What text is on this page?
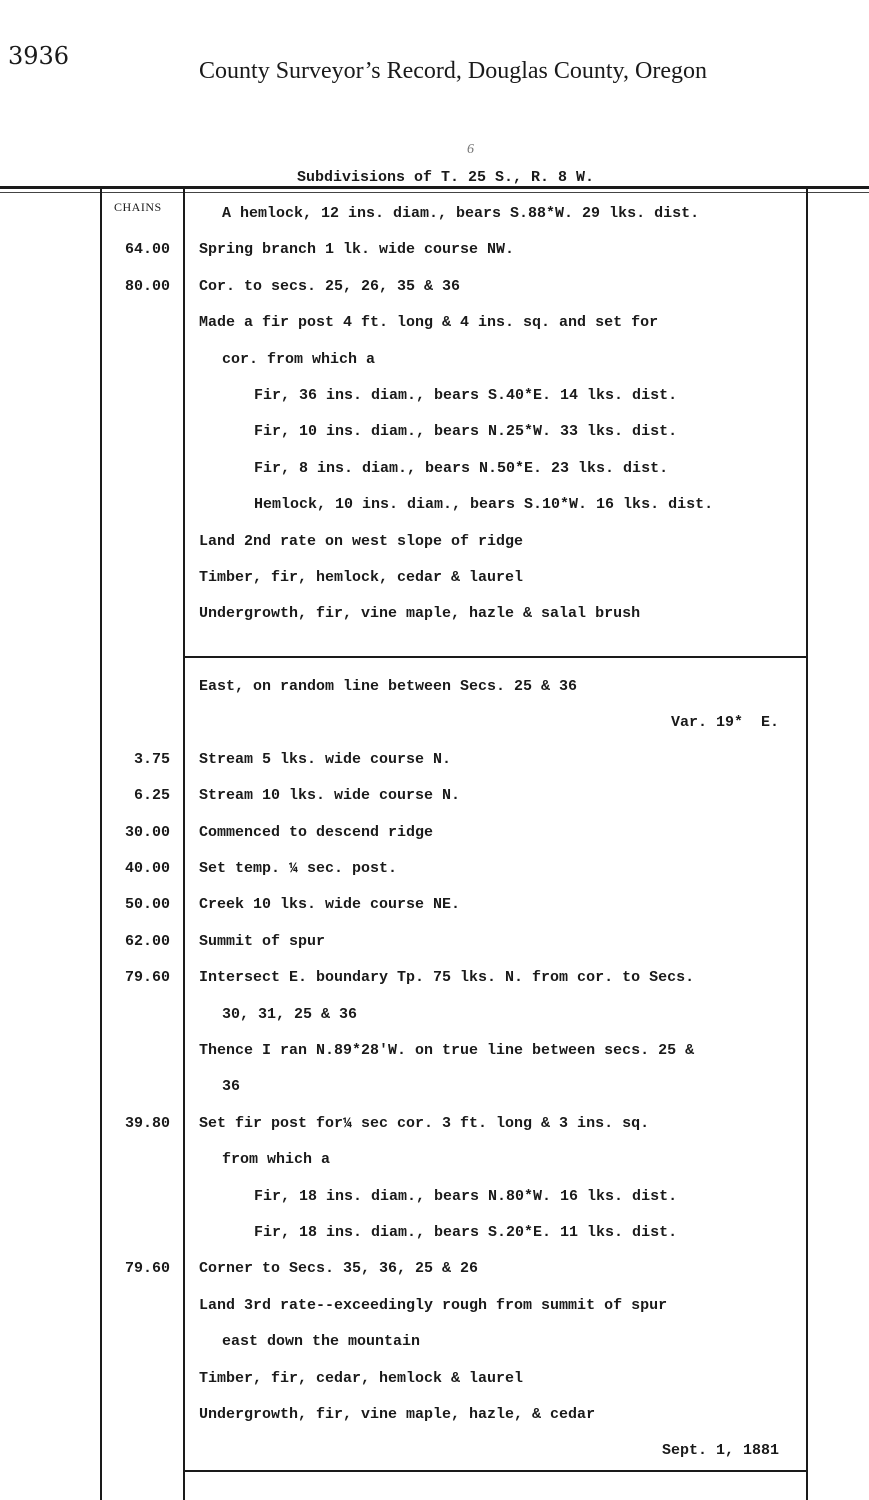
3936
County Surveyor’s Record, Douglas County, Oregon
6
Subdivisions of T. 25 S., R. 8 W.
CHAINS	A hemlock, 12 ins. diam., bears S.88*W. 29 lks. dist.
64.00 Spring branch 1 lk. wide course NW.
80.00 Cor. to secs. 25, 26, 35 & 36
Made a fir post 4 ft. long & 4 ins. sq. and set for
cor. from which a
Fir, 36 ins. diam., bears S.40*E. 14 lks. dist.
Fir, 10 ins. diam., bears N.25*W. 33 lks. dist.
Fir, 8 ins. diam., bears N.50*E. 23 lks. dist.
Hemlock, 10 ins. diam., bears S.10*W. 16 lks. dist.
Land 2nd rate on west slope of ridge
Timber, fir, hemlock, cedar & laurel
Undergrowth, fir, vine maple, hazle & salal brush
East, on random line between Secs. 25 & 36
Var. 19*  E.
3.75 Stream 5 lks. wide course N.
6.25 Stream 10 lks. wide course N.
30.00 Commenced to descend ridge
40.00 Set temp. ¼ sec. post.
50.00 Creek 10 lks. wide course NE.
62.00 Summit of spur
79.60 Intersect E. boundary Tp. 75 lks. N. from cor. to Secs.
30, 31, 25 & 36
Thence I ran N.89*28'W. on true line between secs. 25 &
36
39.80 Set fir post for¼ sec cor. 3 ft. long & 3 ins. sq.
from which a
Fir, 18 ins. diam., bears N.80*W. 16 lks. dist.
Fir, 18 ins. diam., bears S.20*E. 11 lks. dist.
79.60 Corner to Secs. 35, 36, 25 & 26
Land 3rd rate--exceedingly rough from summit of spur
east down the mountain
Timber, fir, cedar, hemlock & laurel
Undergrowth, fir, vine maple, hazle, & cedar
Sept. 1, 1881
